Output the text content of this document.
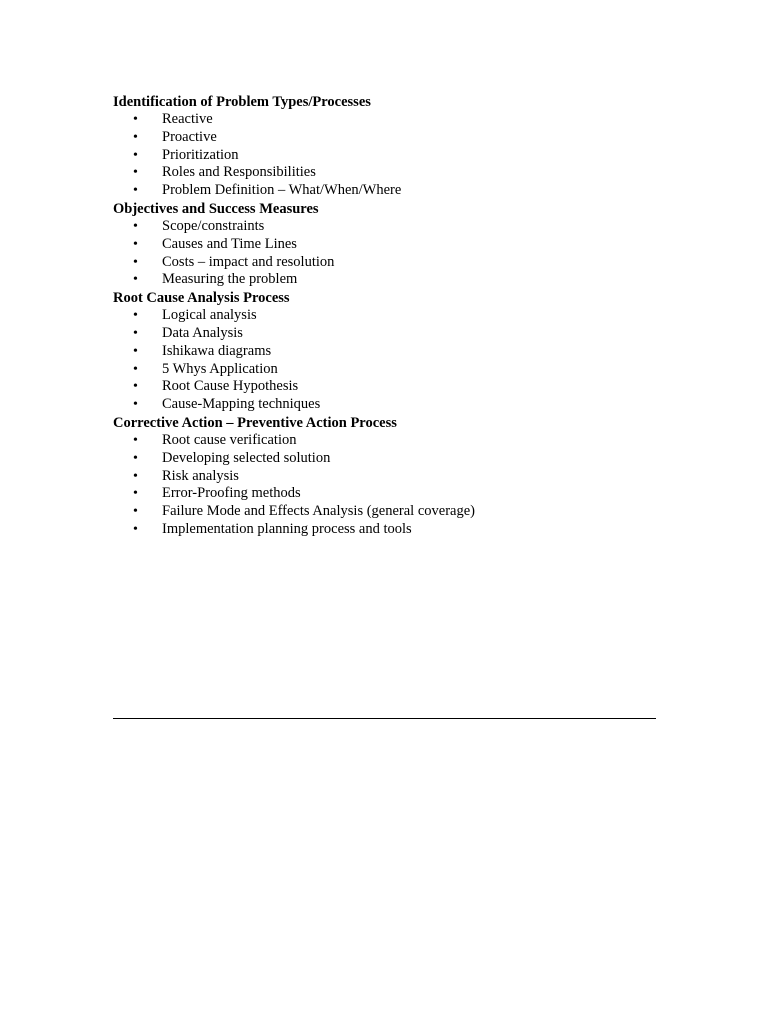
Identification of Problem Types/Processes
• Reactive
• Proactive
• Prioritization
• Roles and Responsibilities
• Problem Definition – What/When/Where
Objectives and Success Measures
• Scope/constraints
• Causes and Time Lines
• Costs – impact and resolution
• Measuring the problem
Root Cause Analysis Process
• Logical analysis
• Data Analysis
• Ishikawa diagrams
• 5 Whys Application
• Root Cause Hypothesis
• Cause-Mapping techniques
Corrective Action – Preventive Action Process
• Root cause verification
• Developing selected solution
• Risk analysis
• Error-Proofing methods
• Failure Mode and Effects Analysis (general coverage)
• Implementation planning process and tools
